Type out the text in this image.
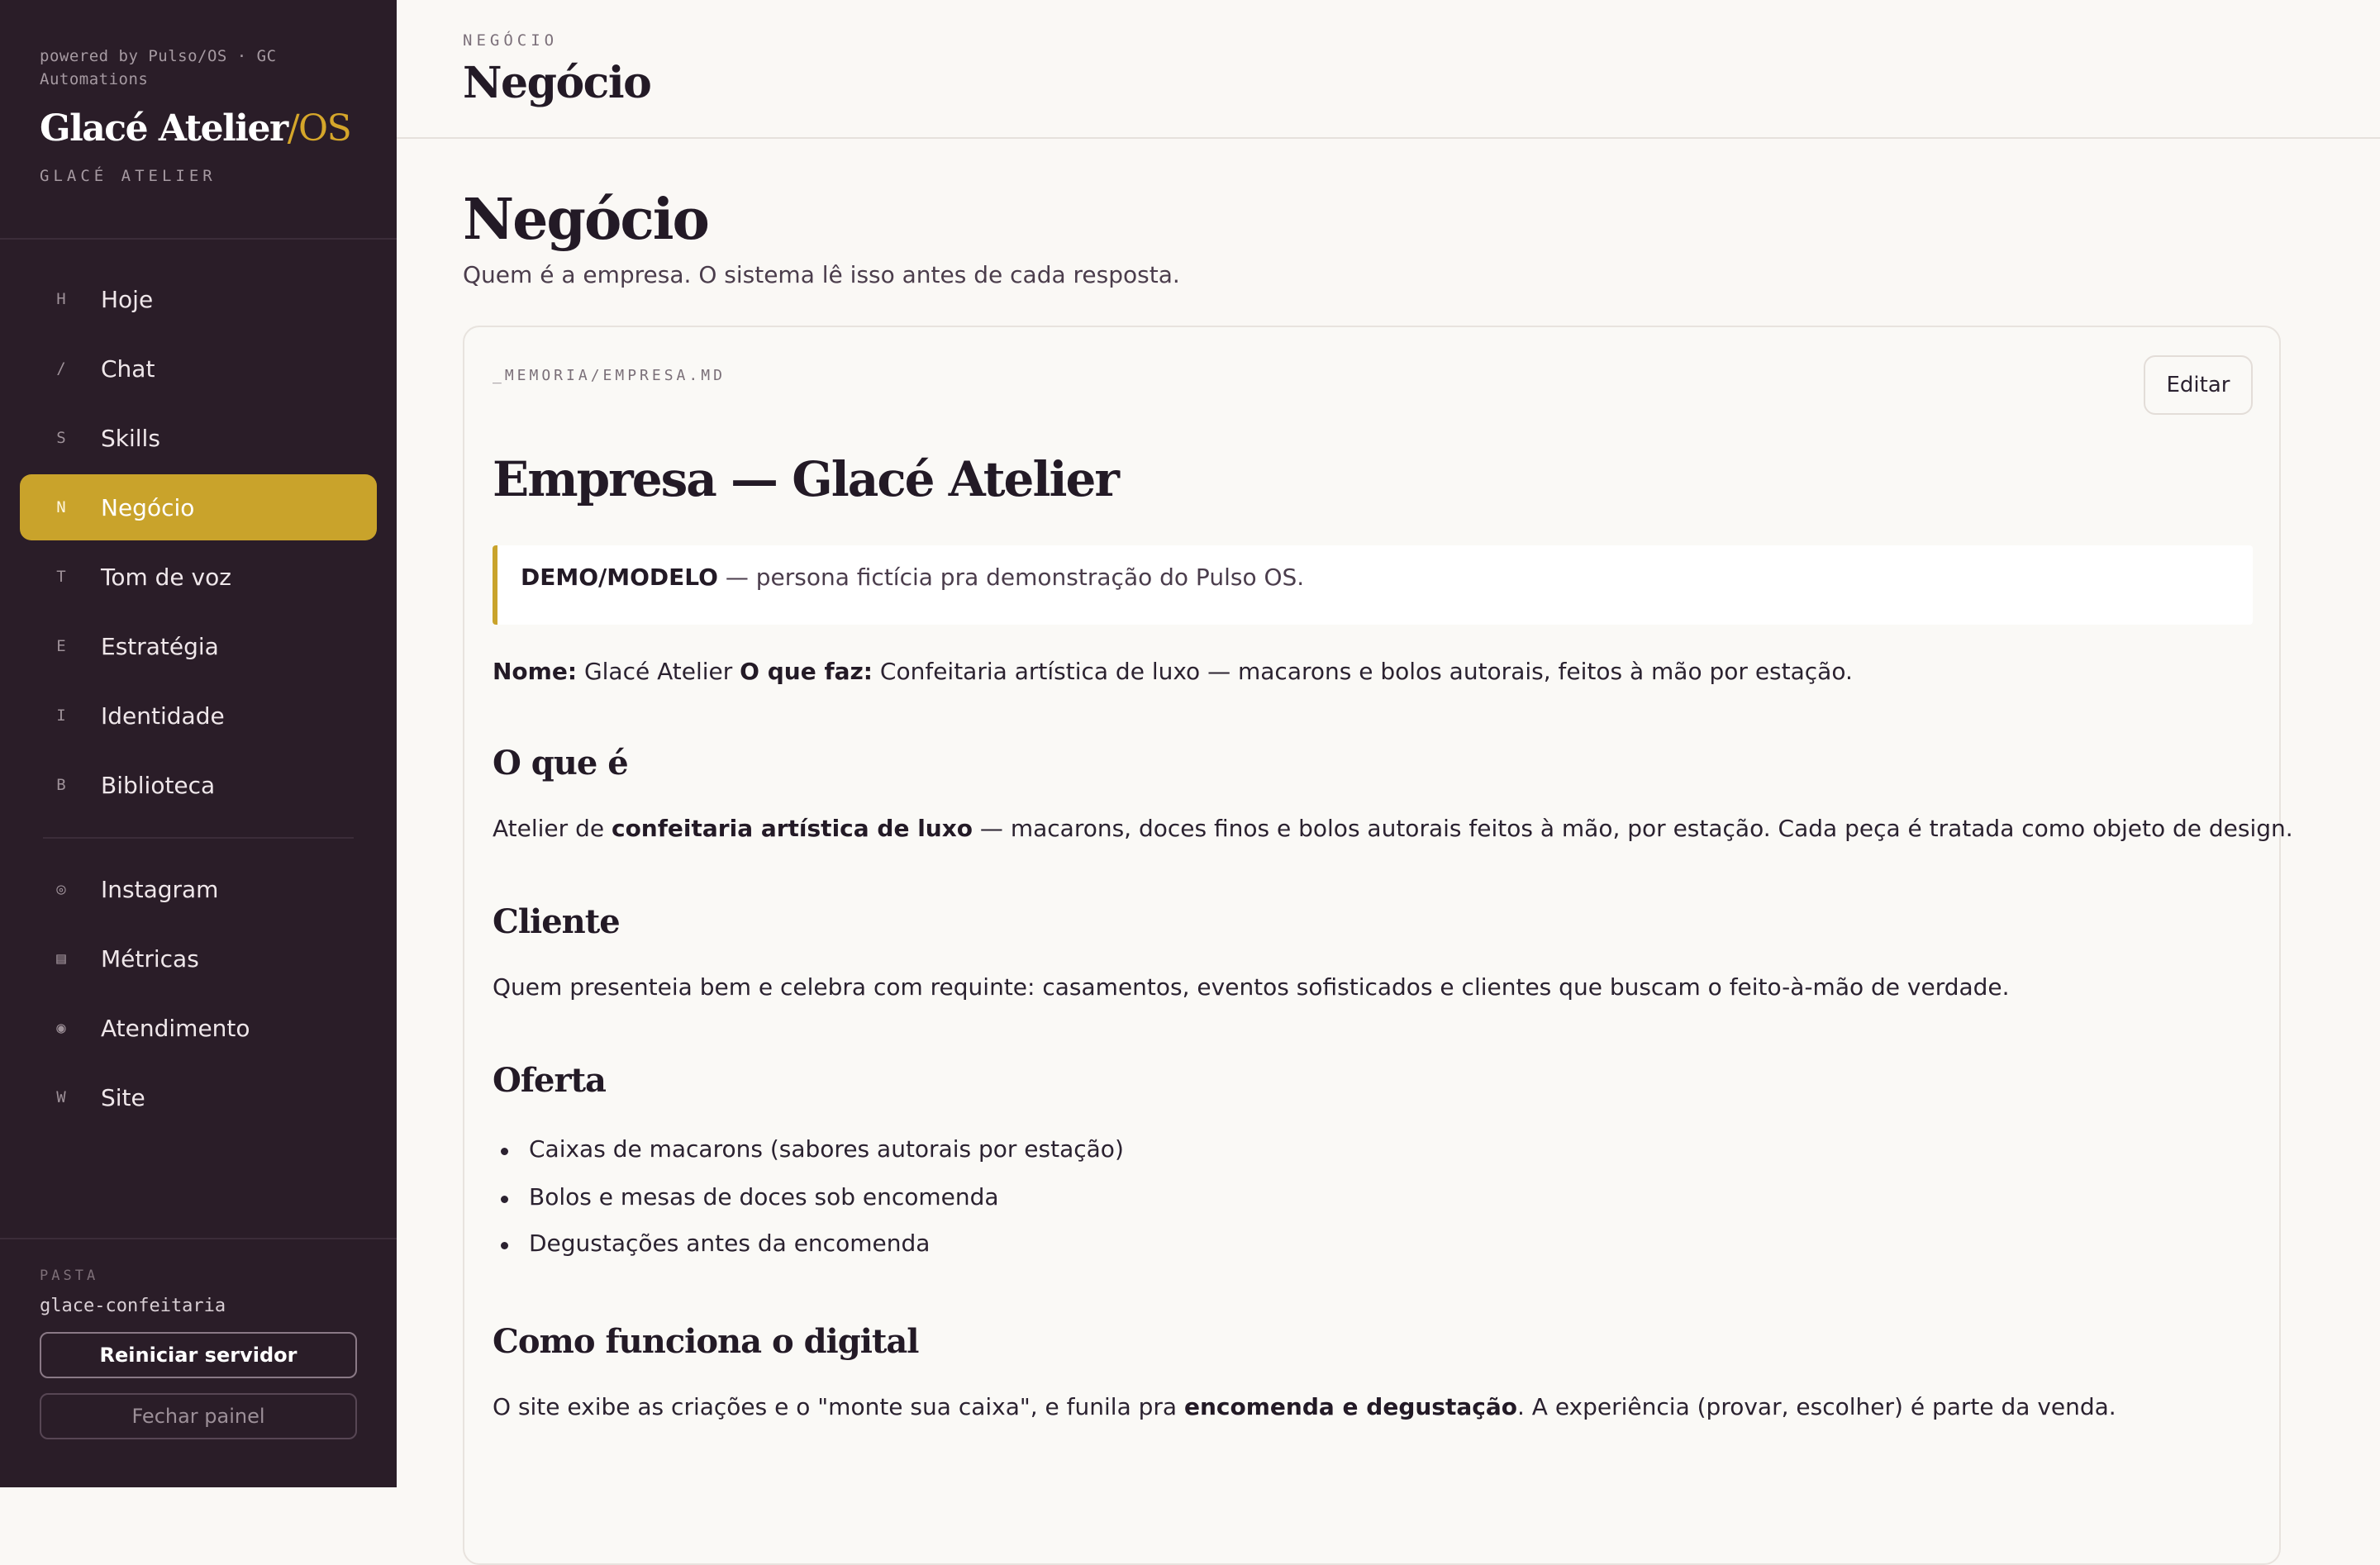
powered by Pulso/OS · GC Automations
Glacé Atelier/OS
GLACÉ ATELIER
H Hoje
/ Chat
S Skills
N Negócio
T Tom de voz
E Estratégia
I Identidade
B Biblioteca
◎ Instagram
▤ Métricas
◉ Atendimento
W Site
PASTA
glace-confeitaria
Reiniciar servidor
Fechar painel
NEGÓCIO
Negócio
Negócio
Quem é a empresa. O sistema lê isso antes de cada resposta.
_MEMORIA/EMPRESA.MD	Editar
Empresa — Glacé Atelier
DEMO/MODELO — persona fictícia pra demonstração do Pulso OS.
Nome: Glacé Atelier O que faz: Confeitaria artística de luxo — macarons e bolos autorais, feitos à mão por estação.
O que é
Atelier de confeitaria artística de luxo — macarons, doces finos e bolos autorais feitos à mão, por estação. Cada peça é tratada como objeto de design.
Cliente
Quem presenteia bem e celebra com requinte: casamentos, eventos sofisticados e clientes que buscam o feito-à-mão de verdade.
Oferta
Caixas de macarons (sabores autorais por estação)
Bolos e mesas de doces sob encomenda
Degustações antes da encomenda
Como funciona o digital
O site exibe as criações e o "monte sua caixa", e funila pra encomenda e degustação. A experiência (provar, escolher) é parte da venda.
